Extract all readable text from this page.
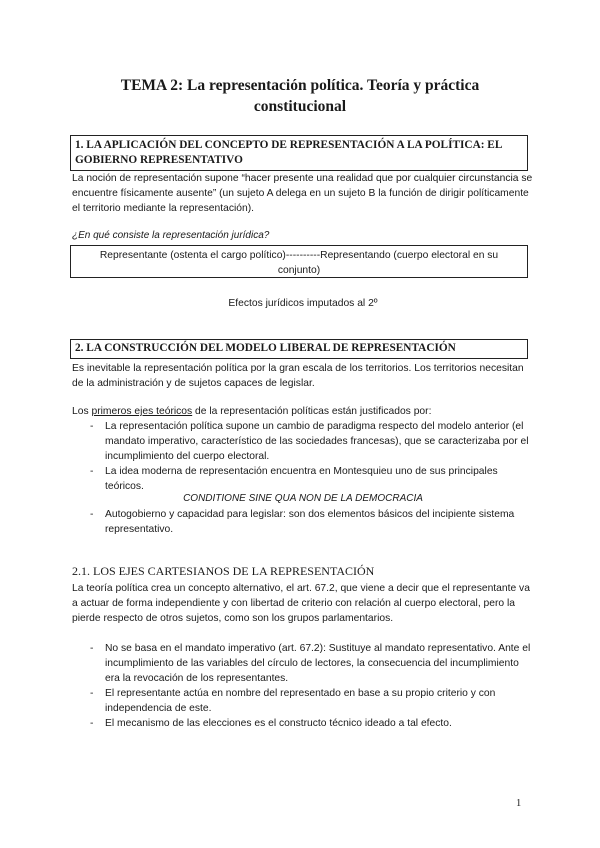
TEMA 2: La representación política. Teoría y práctica constitucional
1. LA APLICACIÓN DEL CONCEPTO DE REPRESENTACIÓN A LA POLÍTICA: EL GOBIERNO REPRESENTATIVO
La noción de representación supone “hacer presente una realidad que por cualquier circunstancia se encuentre físicamente ausente” (un sujeto A delega en un sujeto B la función de dirigir políticamente el territorio mediante la representación).
¿En qué consiste la representación jurídica?
Representante (ostenta el cargo político)----------Representando (cuerpo electoral en su conjunto)
Efectos jurídicos imputados al 2º
2. LA CONSTRUCCIÓN DEL MODELO LIBERAL DE REPRESENTACIÓN
Es inevitable la representación política por la gran escala de los territorios. Los territorios necesitan de la administración y de sujetos capaces de legislar.
Los primeros ejes teóricos de la representación políticas están justificados por:
- La representación política supone un cambio de paradigma respecto del modelo anterior (el mandato imperativo, característico de las sociedades francesas), que se caracterizaba por el incumplimiento del cuerpo electoral.
- La idea moderna de representación encuentra en Montesquieu uno de sus principales teóricos.
CONDITIONE SINE QUA NON DE LA DEMOCRACIA
- Autogobierno y capacidad para legislar: son dos elementos básicos del incipiente sistema representativo.
2.1. LOS EJES CARTESIANOS DE LA REPRESENTACIÓN
La teoría política crea un concepto alternativo, el art. 67.2, que viene a decir que el representante va a actuar de forma independiente y con libertad de criterio con relación al cuerpo electoral, pero la pierde respecto de otros sujetos, como son los grupos parlamentarios.
- No se basa en el mandato imperativo (art. 67.2): Sustituye al mandato representativo. Ante el incumplimiento de las variables del círculo de lectores, la consecuencia del incumplimiento era la revocación de los representantes.
- El representante actúa en nombre del representado en base a su propio criterio y con independencia de este.
- El mecanismo de las elecciones es el constructo técnico ideado a tal efecto.
1
